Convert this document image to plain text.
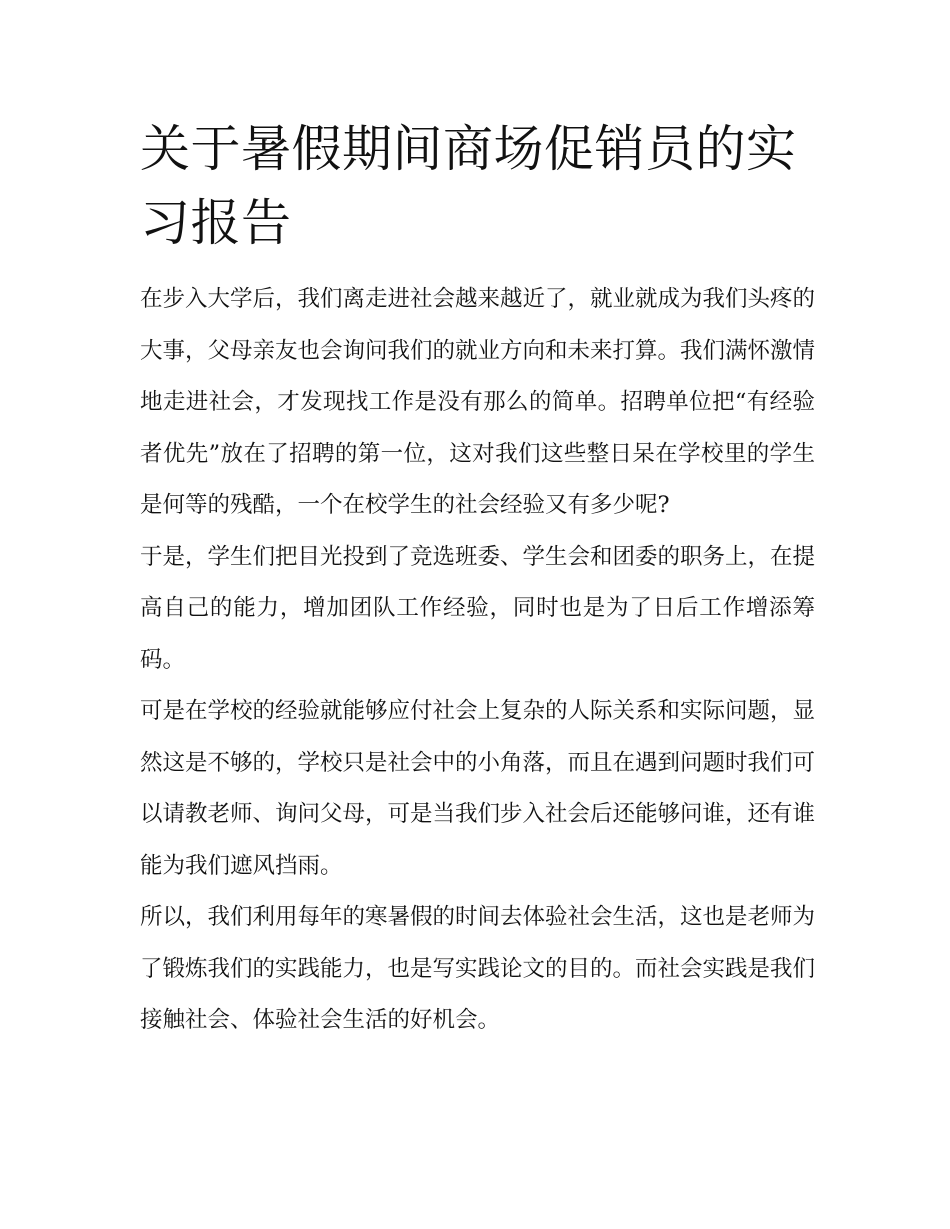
关于暑假期间商场促销员的实习报告

在步入大学后，我们离走进社会越来越近了，就业就成为我们头疼的大事，父母亲友也会询问我们的就业方向和未来打算。我们满怀激情地走进社会，才发现找工作是没有那么的简单。招聘单位把“有经验者优先”放在了招聘的第一位，这对我们这些整日呆在学校里的学生是何等的残酷，一个在校学生的社会经验又有多少呢?

于是，学生们把目光投到了竞选班委、学生会和团委的职务上，在提高自己的能力，增加团队工作经验，同时也是为了日后工作增添筹码。

可是在学校的经验就能够应付社会上复杂的人际关系和实际问题，显然这是不够的，学校只是社会中的小角落，而且在遇到问题时我们可以请教老师、询问父母，可是当我们步入社会后还能够问谁，还有谁能为我们遮风挡雨。

所以，我们利用每年的寒暑假的时间去体验社会生活，这也是老师为了锻炼我们的实践能力，也是写实践论文的目的。而社会实践是我们接触社会、体验社会生活的好机会。
